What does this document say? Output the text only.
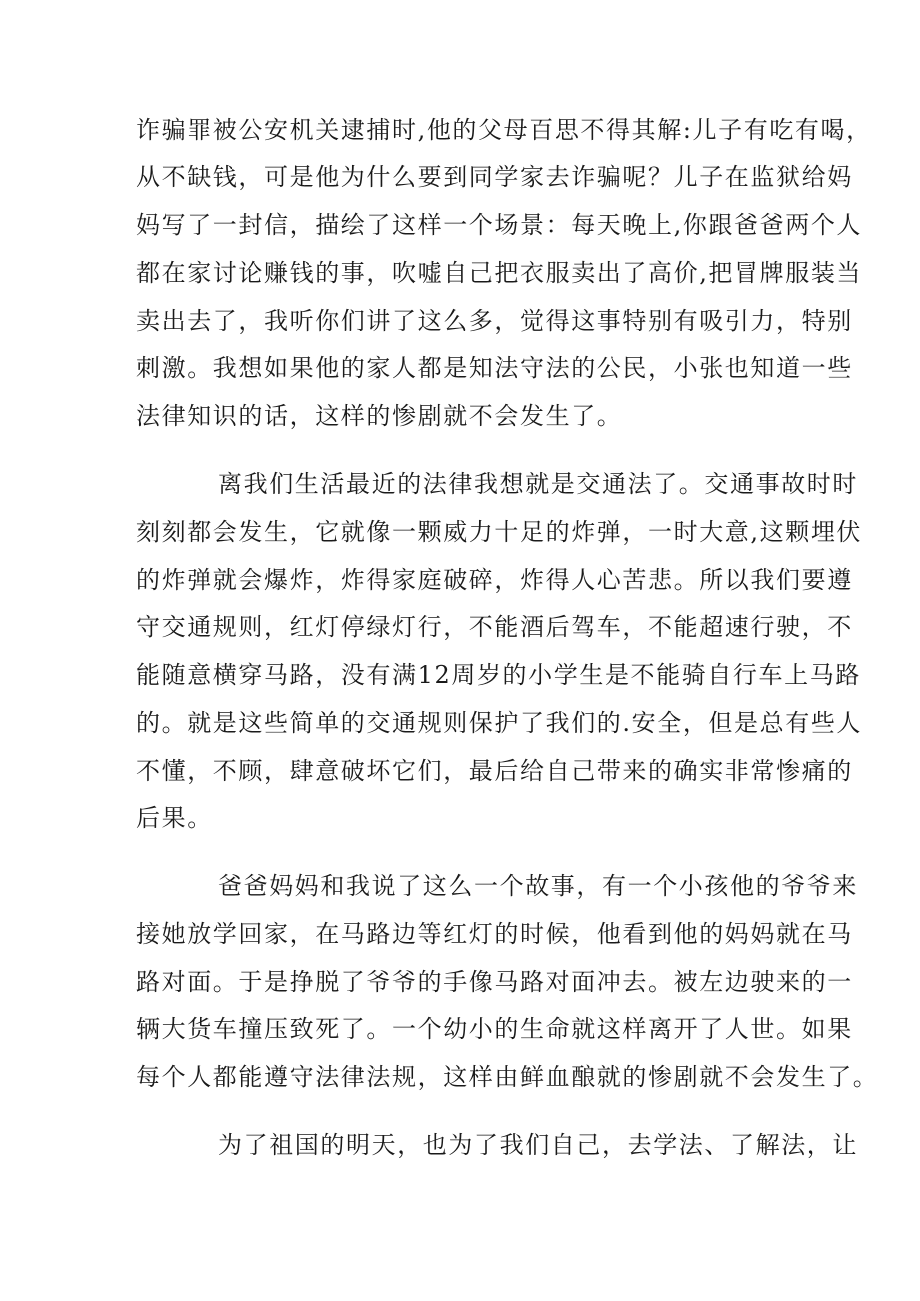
诈骗罪被公安机关逮捕时,他的父母百思不得其解:儿子有吃有喝，
从不缺钱，可是他为什么要到同学家去诈骗呢？儿子在监狱给妈
妈写了一封信，描绘了这样一个场景：每天晚上,你跟爸爸两个人
都在家讨论赚钱的事，吹嘘自己把衣服卖出了高价,把冒牌服装当
卖出去了，我听你们讲了这么多，觉得这事特别有吸引力，特别
刺激。我想如果他的家人都是知法守法的公民，小张也知道一些
法律知识的话，这样的惨剧就不会发生了。
离我们生活最近的法律我想就是交通法了。交通事故时时
刻刻都会发生，它就像一颗威力十足的炸弹，一时大意,这颗埋伏
的炸弹就会爆炸，炸得家庭破碎，炸得人心苦悲。所以我们要遵
守交通规则，红灯停绿灯行，不能酒后驾车，不能超速行驶，不
能随意横穿马路，没有满12周岁的小学生是不能骑自行车上马路
的。就是这些简单的交通规则保护了我们的.安全，但是总有些人
不懂，不顾，肆意破坏它们，最后给自己带来的确实非常惨痛的
后果。
爸爸妈妈和我说了这么一个故事，有一个小孩他的爷爷来
接她放学回家，在马路边等红灯的时候，他看到他的妈妈就在马
路对面。于是挣脱了爷爷的手像马路对面冲去。被左边驶来的一
辆大货车撞压致死了。一个幼小的生命就这样离开了人世。如果
每个人都能遵守法律法规，这样由鲜血酿就的惨剧就不会发生了。
为了祖国的明天，也为了我们自己，去学法、了解法，让
